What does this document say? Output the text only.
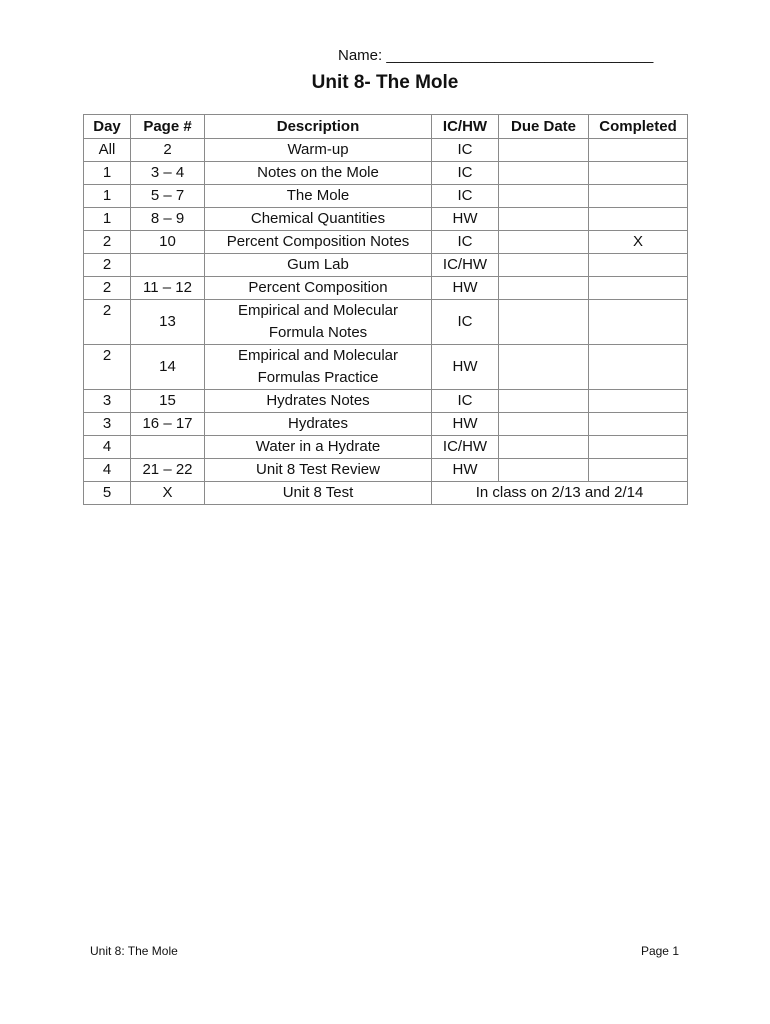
Name: ________________________________
Unit 8- The Mole
Day	Page #	Description	IC/HW	Due Date	Completed
All	2	Warm-up	IC		
1	3 – 4	Notes on the Mole	IC		
1	5 – 7	The Mole	IC		
1	8 – 9	Chemical Quantities	HW		
2	10	Percent Composition Notes	IC		X
2		Gum Lab	IC/HW		
2	11 – 12	Percent Composition	HW		
2	13	Empirical and Molecular
Formula Notes	IC		
2	14	Empirical and Molecular
Formulas Practice	HW		
3	15	Hydrates Notes	IC		
3	16 – 17	Hydrates	HW		
4		Water in a Hydrate	IC/HW		
4	21 – 22	Unit 8 Test Review	HW		
5	X	Unit 8 Test	In class on 2/13 and 2/14		
Unit 8: The Mole	Page 1
